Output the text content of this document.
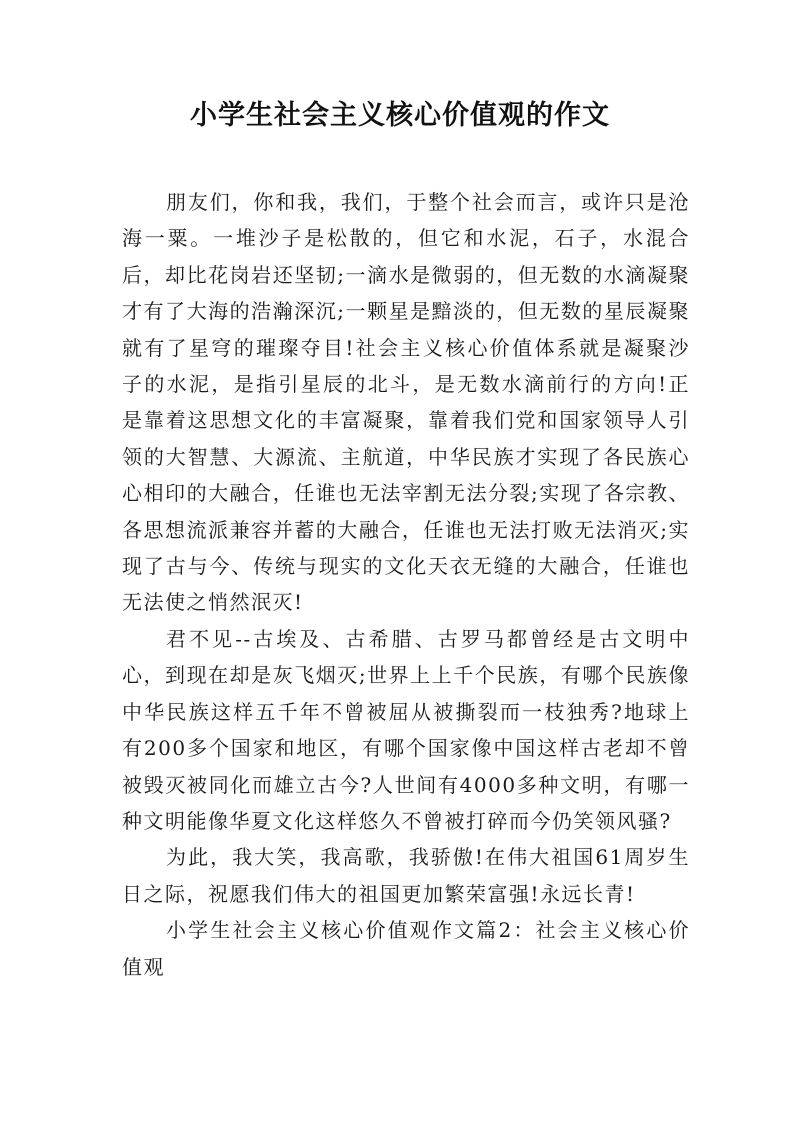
小学生社会主义核心价值观的作文

朋友们，你和我，我们，于整个社会而言，或许只是沧海一粟。一堆沙子是松散的，但它和水泥，石子，水混合后，却比花岗岩还坚韧;一滴水是微弱的，但无数的水滴凝聚才有了大海的浩瀚深沉;一颗星是黯淡的，但无数的星辰凝聚就有了星穹的璀璨夺目!社会主义核心价值体系就是凝聚沙子的水泥，是指引星辰的北斗，是无数水滴前行的方向!正是靠着这思想文化的丰富凝聚，靠着我们党和国家领导人引领的大智慧、大源流、主航道，中华民族才实现了各民族心心相印的大融合，任谁也无法宰割无法分裂;实现了各宗教、各思想流派兼容并蓄的大融合，任谁也无法打败无法消灭;实现了古与今、传统与现实的文化天衣无缝的大融合，任谁也无法使之悄然泯灭!

君不见--古埃及、古希腊、古罗马都曾经是古文明中心，到现在却是灰飞烟灭;世界上上千个民族，有哪个民族像中华民族这样五千年不曾被屈从被撕裂而一枝独秀?地球上有200多个国家和地区，有哪个国家像中国这样古老却不曾被毁灭被同化而雄立古今?人世间有4000多种文明，有哪一种文明能像华夏文化这样悠久不曾被打碎而今仍笑领风骚?

为此，我大笑，我高歌，我骄傲!在伟大祖国61周岁生日之际，祝愿我们伟大的祖国更加繁荣富强!永远长青!

小学生社会主义核心价值观作文篇2：社会主义核心价值观
